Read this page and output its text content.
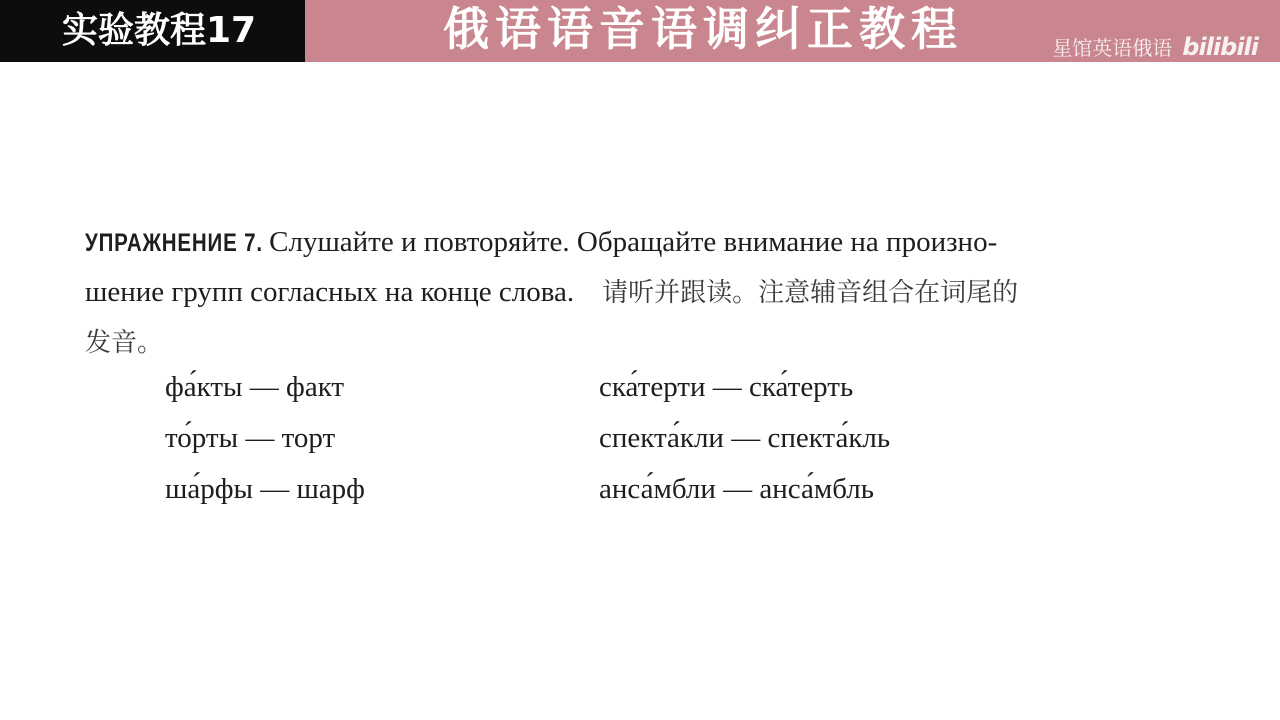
实验教程17	俄语语音语调纠正教程	星馆英语俄语 bilibili
УПРАЖНЕНИЕ 7. Слушайте и повторяйте. Обращайте внимание на произно-
шение групп согласных на конце слова. 请听并跟读。注意辅音组合在词尾的
发音。
фа́кты — факт	ска́терти — ска́терть
то́рты — торт	спекта́кли — спекта́кль
ша́рфы — шарф	анса́мбли — анса́мбль
